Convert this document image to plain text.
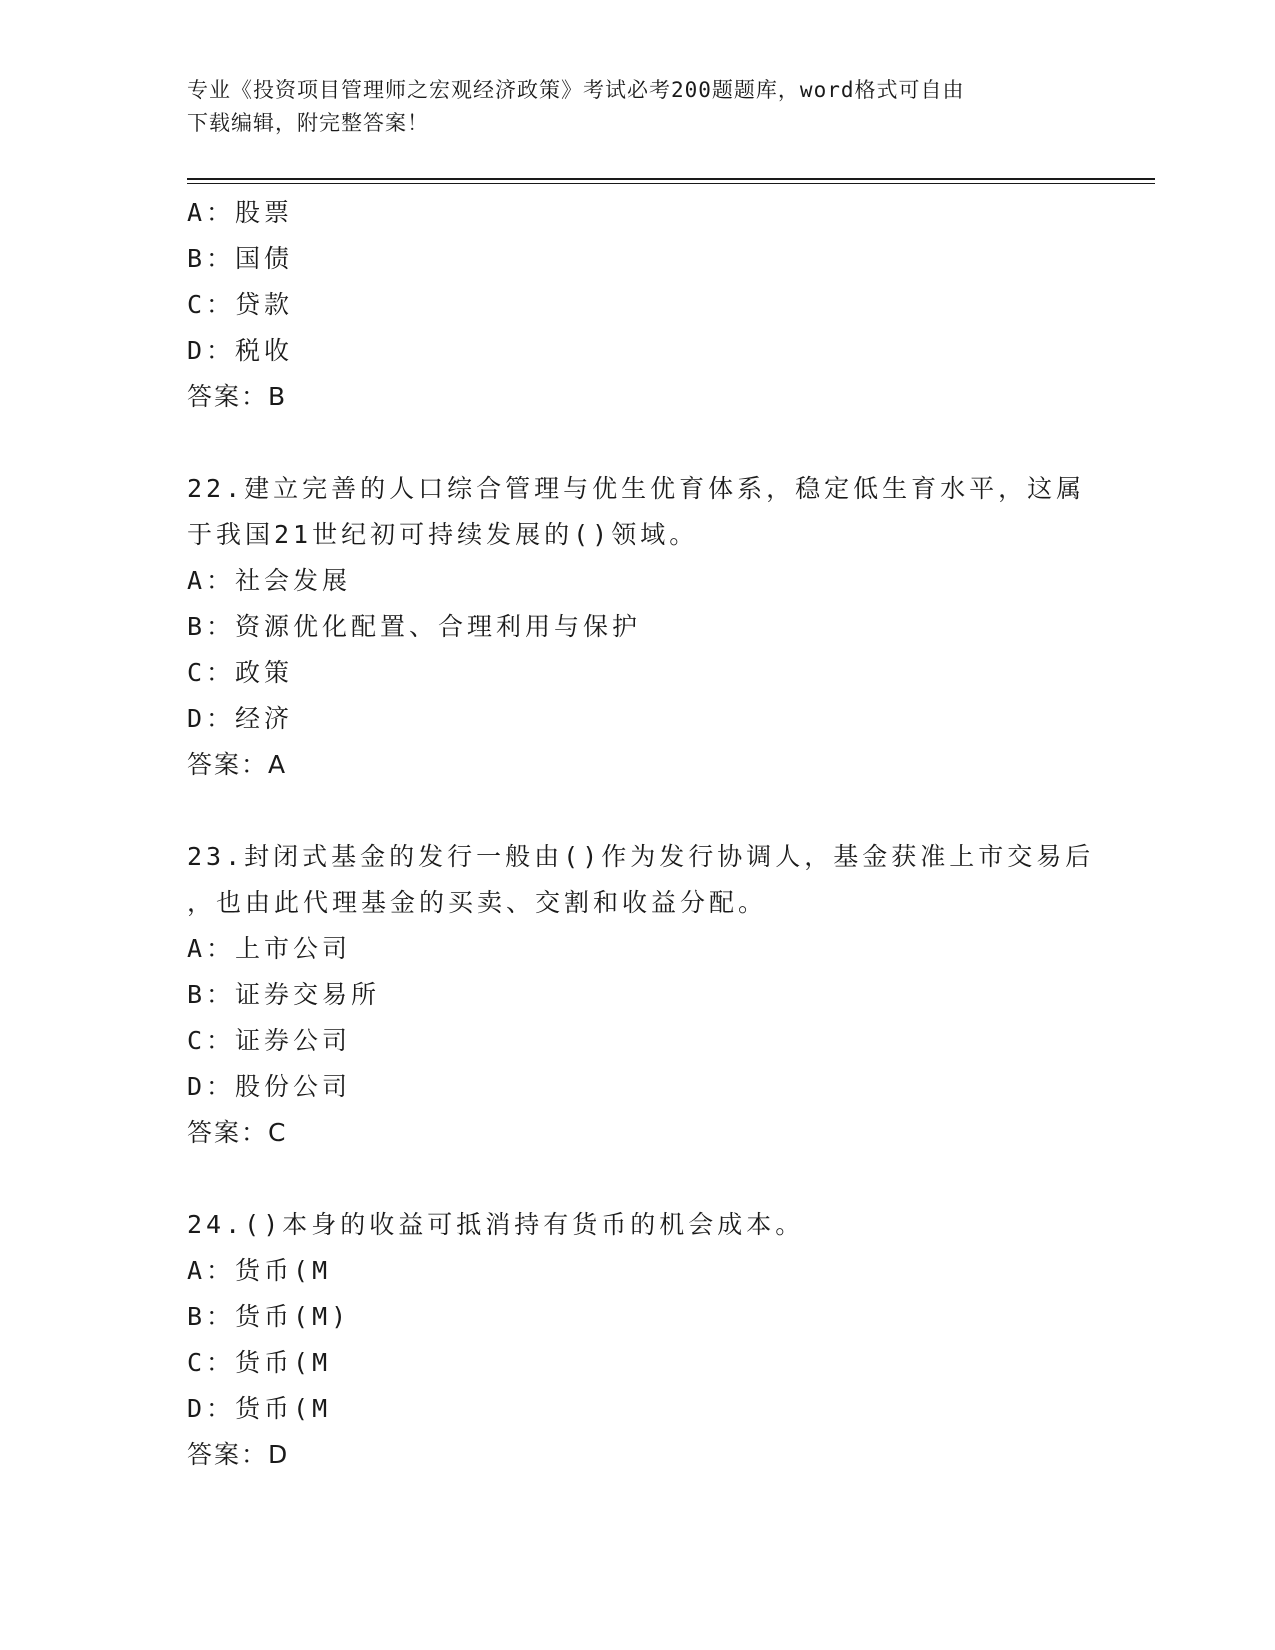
专业《投资项目管理师之宏观经济政策》考试必考200题题库，word格式可自由
下载编辑，附完整答案！
A：股票
B：国债
C：贷款
D：税收
答案：B
22.建立完善的人口综合管理与优生优育体系，稳定低生育水平，这属
于我国21世纪初可持续发展的()领域。
A：社会发展
B：资源优化配置、合理利用与保护
C：政策
D：经济
答案：A
23.封闭式基金的发行一般由()作为发行协调人，基金获准上市交易后
，也由此代理基金的买卖、交割和收益分配。
A：上市公司
B：证券交易所
C：证券公司
D：股份公司
答案：C
24.()本身的收益可抵消持有货币的机会成本。
A：货币(M
B：货币(M)
C：货币(M
D：货币(M
答案：D
